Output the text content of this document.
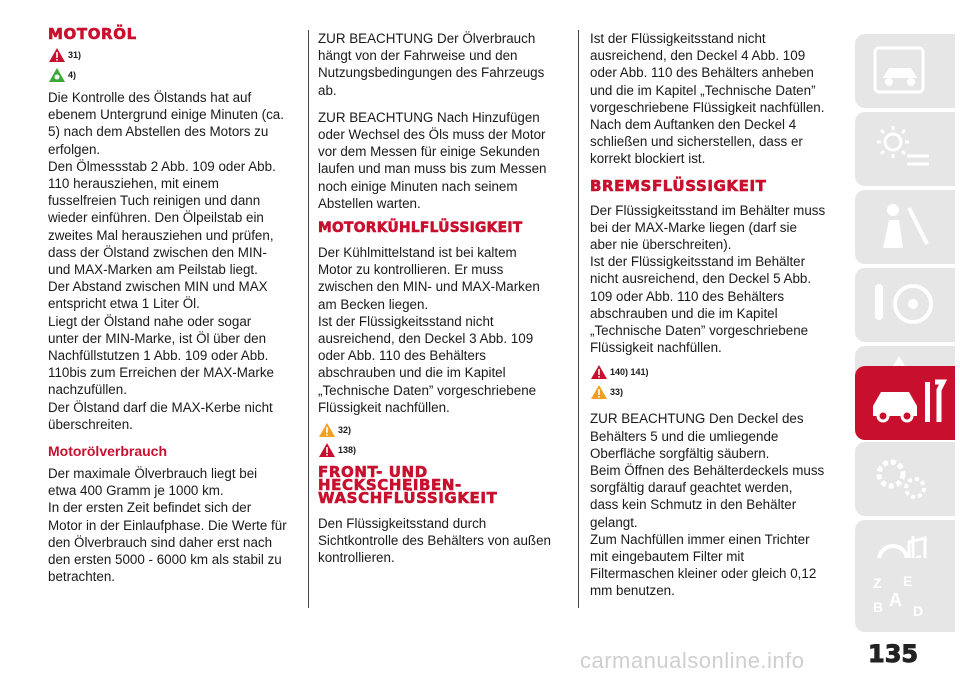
MOTORÖL
31)
4)

Die Kontrolle des Ölstands hat auf

ebenem Untergrund einige Minuten (ca.

5) nach dem Abstellen des Motors zu

erfolgen.

Den Ölmessstab 2 Abb. 109 oder Abb.

110 herausziehen, mit einem

fusselfreien Tuch reinigen und dann

wieder einführen. Den Ölpeilstab ein

zweites Mal herausziehen und prüfen,

dass der Ölstand zwischen den MIN-

und MAX-Marken am Peilstab liegt.

Der Abstand zwischen MIN und MAX

entspricht etwa 1 Liter Öl.

Liegt der Ölstand nahe oder sogar

unter der MIN-Marke, ist Öl über den

Nachfüllstutzen 1 Abb. 109 oder Abb.

110bis zum Erreichen der MAX-Marke

nachzufüllen.

Der Ölstand darf die MAX-Kerbe nicht

überschreiten.

Motorölverbrauch

Der maximale Ölverbrauch liegt bei

etwa 400 Gramm je 1000 km.

In der ersten Zeit befindet sich der

Motor in der Einlaufphase. Die Werte für

den Ölverbrauch sind daher erst nach

den ersten 5000 - 6000 km als stabil zu

betrachten.

ZUR BEACHTUNG Der Ölverbrauch

hängt von der Fahrweise und den

Nutzungsbedingungen des Fahrzeugs

ab.

ZUR BEACHTUNG Nach Hinzufügen

oder Wechsel des Öls muss der Motor

vor dem Messen für einige Sekunden

laufen und man muss bis zum Messen

noch einige Minuten nach seinem

Abstellen warten.

MOTORKÜHLFLÜSSIGKEIT

Der Kühlmittelstand ist bei kaltem

Motor zu kontrollieren. Er muss

zwischen den MIN- und MAX-Marken

am Becken liegen.

Ist der Flüssigkeitsstand nicht

ausreichend, den Deckel 3 Abb. 109

oder Abb. 110 des Behälters

abschrauben und die im Kapitel

„Technische Daten” vorgeschriebene

Flüssigkeit nachfüllen.

32)
138)
FRONT- UND
HECKSCHEIBEN-
WASCHFLÜSSIGKEIT

Den Flüssigkeitsstand durch

Sichtkontrolle des Behälters von außen

kontrollieren.

Ist der Flüssigkeitsstand nicht

ausreichend, den Deckel 4 Abb. 109

oder Abb. 110 des Behälters anheben

und die im Kapitel „Technische Daten”

vorgeschriebene Flüssigkeit nachfüllen.

Nach dem Auftanken den Deckel 4

schließen und sicherstellen, dass er

korrekt blockiert ist.

BREMSFLÜSSIGKEIT

Der Flüssigkeitsstand im Behälter muss

bei der MAX-Marke liegen (darf sie

aber nie überschreiten).

Ist der Flüssigkeitsstand im Behälter

nicht ausreichend, den Deckel 5 Abb.

109 oder Abb. 110 des Behälters

abschrauben und die im Kapitel

„Technische Daten” vorgeschriebene

Flüssigkeit nachfüllen.

140) 141)
33)

ZUR BEACHTUNG Den Deckel des

Behälters 5 und die umliegende

Oberfläche sorgfältig säubern.

Beim Öffnen des Behälterdeckels muss

sorgfältig darauf geachtet werden,

dass kein Schmutz in den Behälter

gelangt.

Zum Nachfüllen immer einen Trichter

mit eingebautem Filter mit

Filtermaschen kleiner oder gleich 0,12

mm benutzen.	Z E
A
B D
carmanualsonline.info	135
